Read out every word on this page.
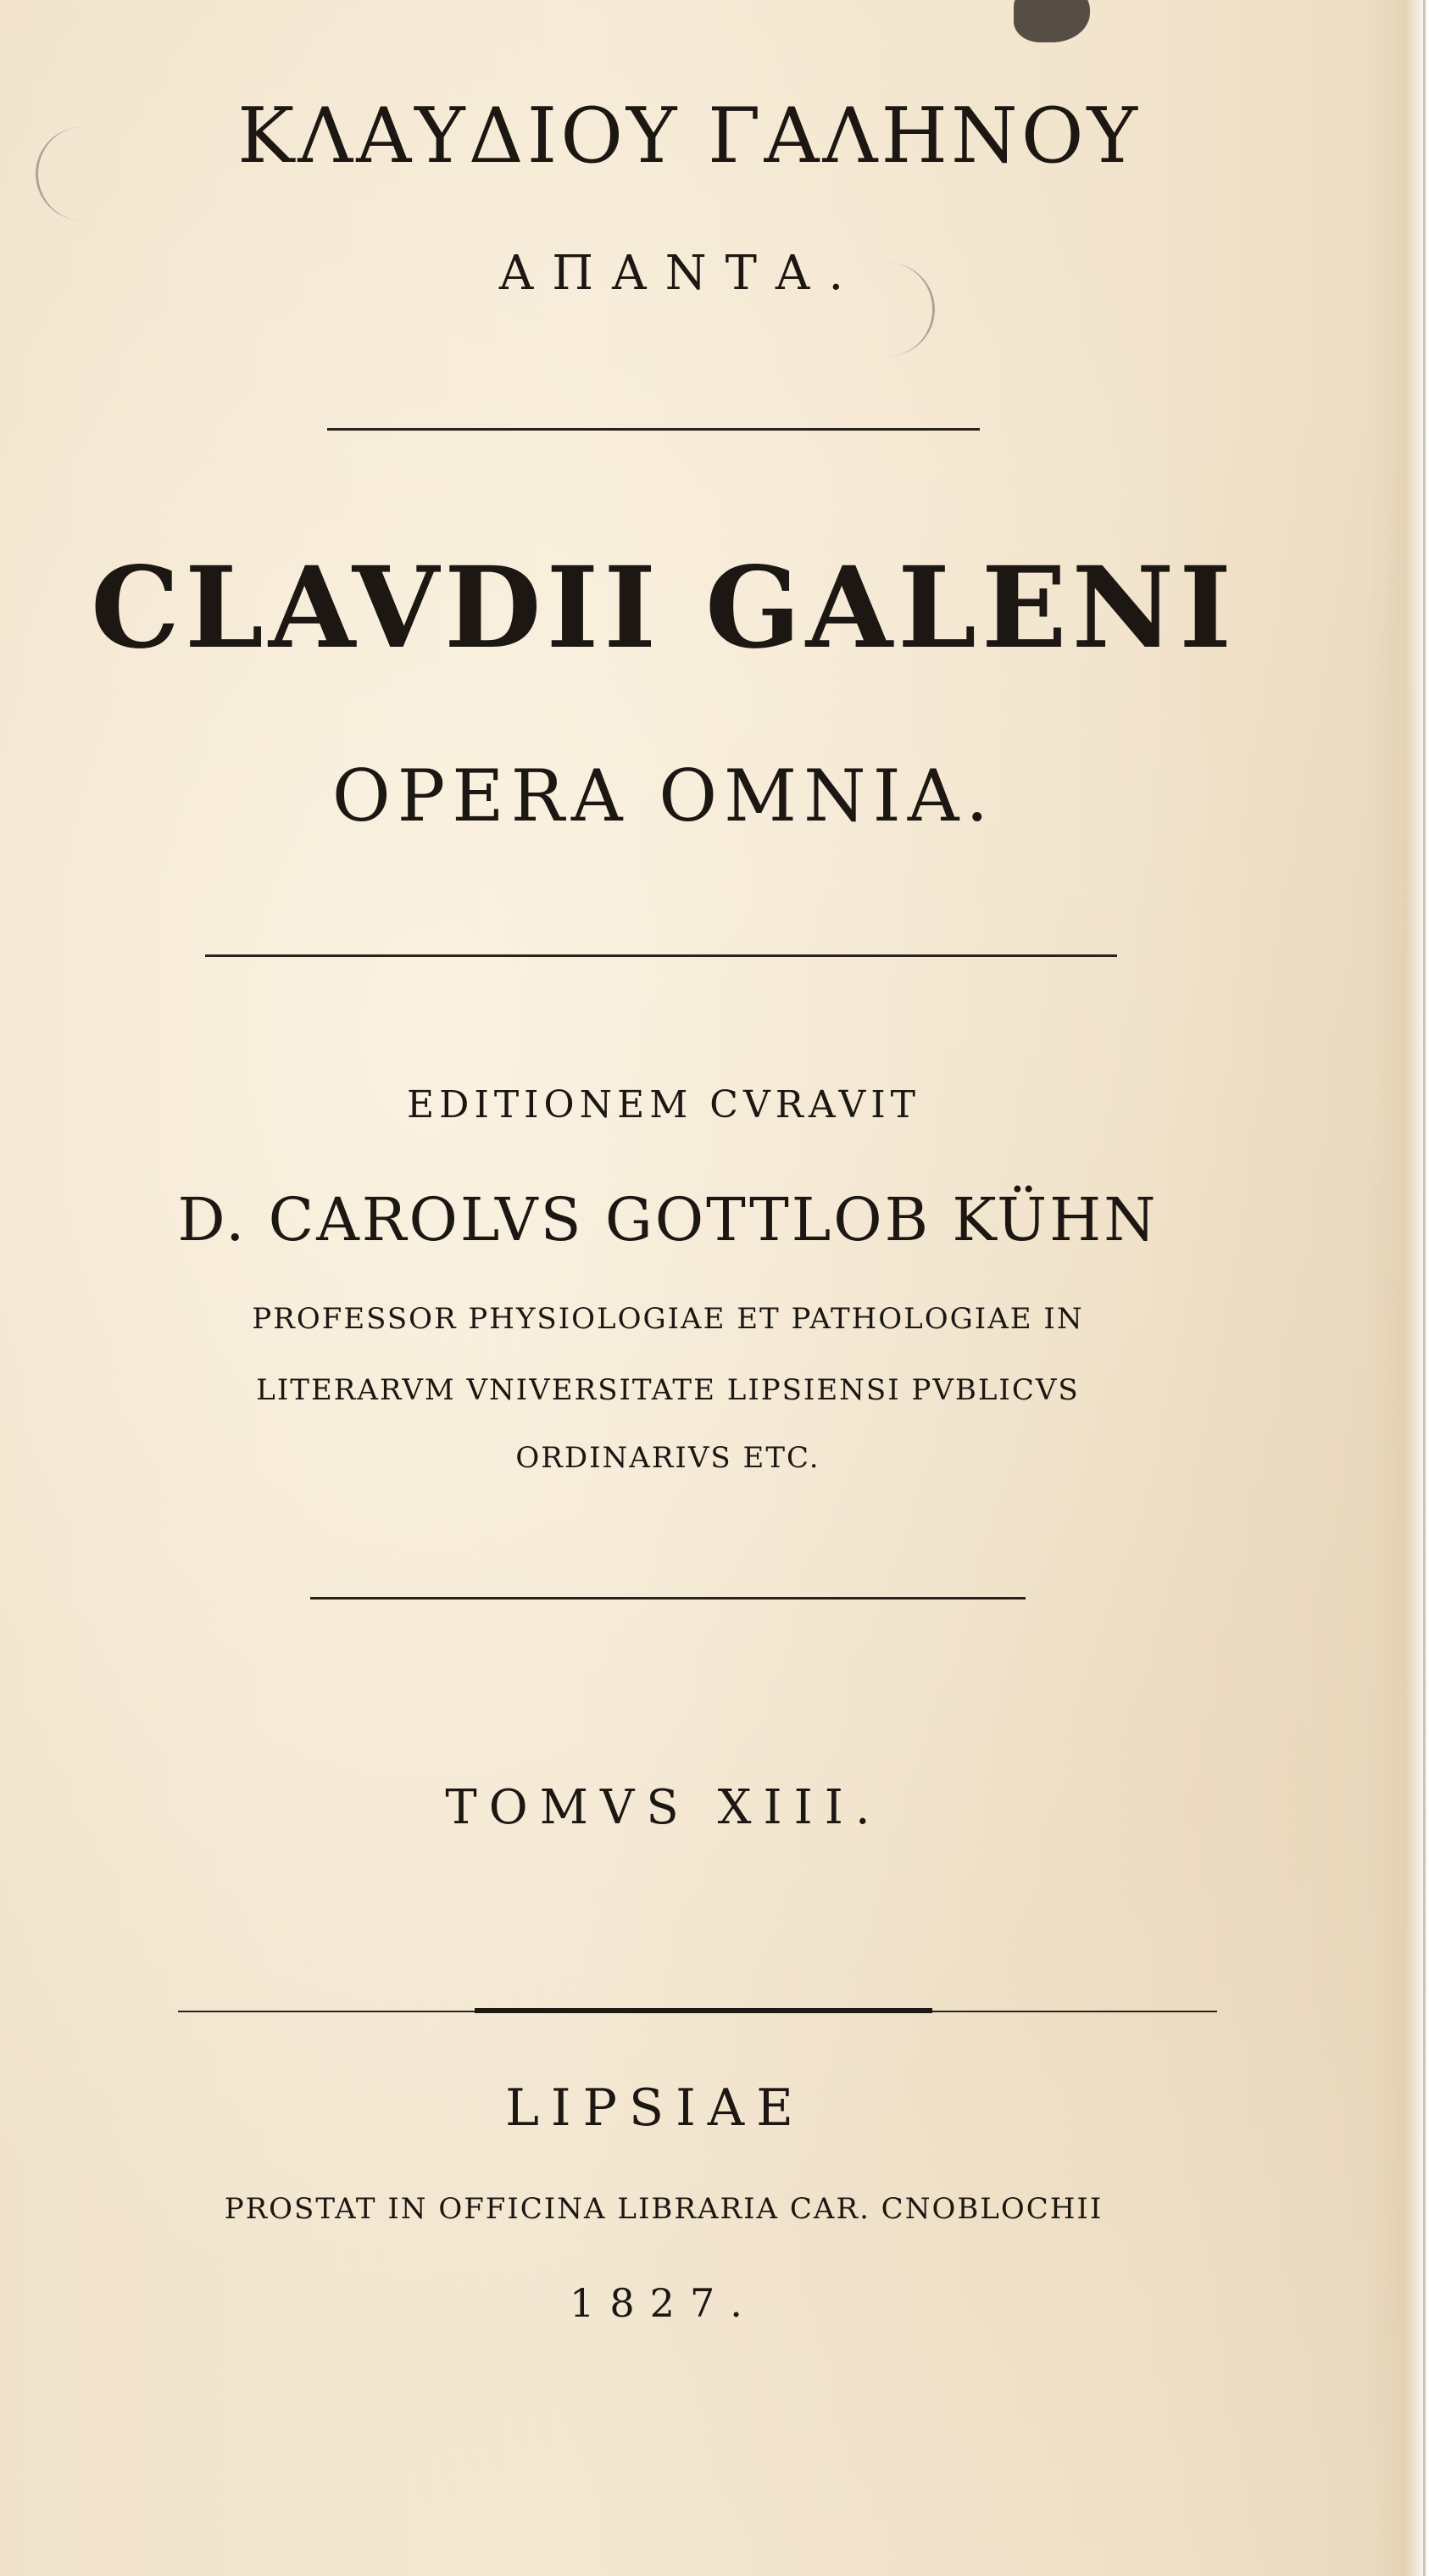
ΚΛΑΥΔΙΟΥ ΓΑΛΗΝΟΥ

ΑΠΑΝΤΑ.

CLAVDII GALENI

OPERA OMNIA.

EDITIONEM CVRAVIT

D. CAROLVS GOTTLOB KÜHN

PROFESSOR PHYSIOLOGIAE ET PATHOLOGIAE IN

LITERARVM VNIVERSITATE LIPSIENSI PVBLICVS

ORDINARIVS ETC.

TOMVS XIII.

LIPSIAE

PROSTAT IN OFFICINA LIBRARIA CAR. CNOBLOCHII

1827.
